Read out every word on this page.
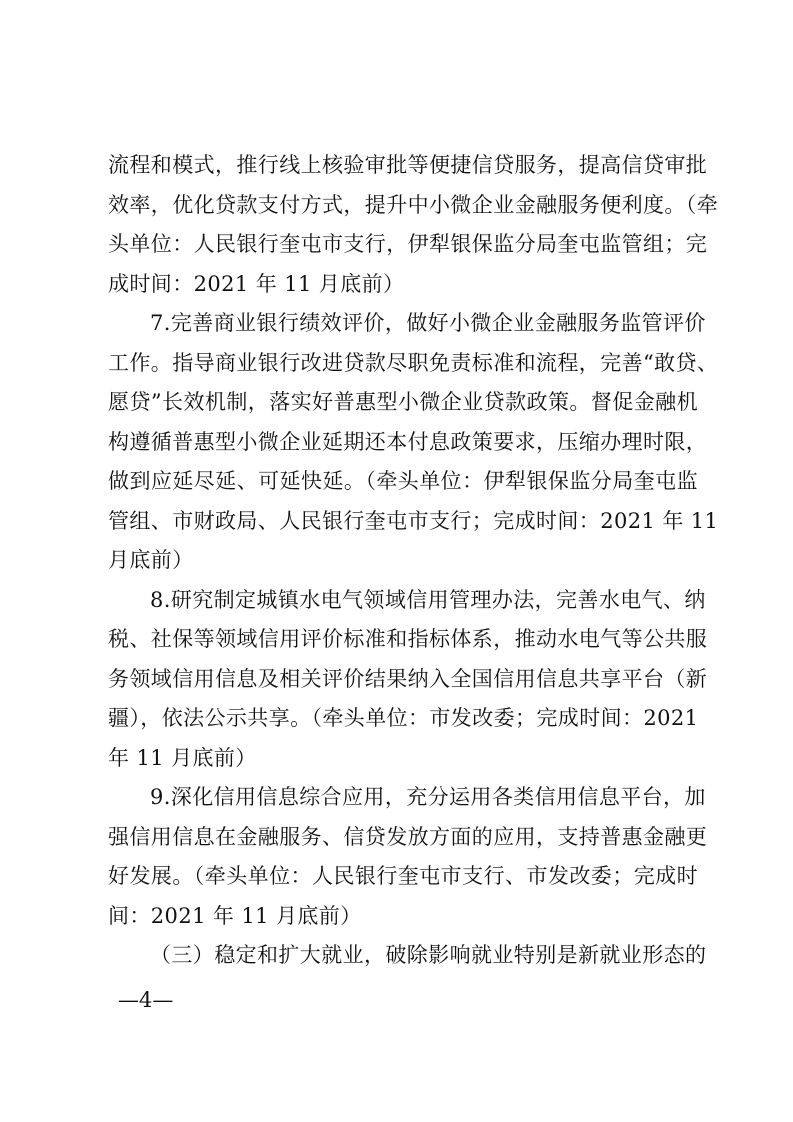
流程和模式，推行线上核验审批等便捷信贷服务，提高信贷审批
效率，优化贷款支付方式，提升中小微企业金融服务便利度。（牵
头单位：人民银行奎屯市支行，伊犁银保监分局奎屯监管组；完
成时间：2021 年 11 月底前）
7.完善商业银行绩效评价，做好小微企业金融服务监管评价
工作。指导商业银行改进贷款尽职免责标准和流程，完善“敢贷、
愿贷”长效机制，落实好普惠型小微企业贷款政策。督促金融机
构遵循普惠型小微企业延期还本付息政策要求，压缩办理时限，
做到应延尽延、可延快延。（牵头单位：伊犁银保监分局奎屯监
管组、市财政局、人民银行奎屯市支行；完成时间：2021 年 11
月底前）
8.研究制定城镇水电气领域信用管理办法，完善水电气、纳
税、社保等领域信用评价标准和指标体系，推动水电气等公共服
务领域信用信息及相关评价结果纳入全国信用信息共享平台（新
疆），依法公示共享。（牵头单位：市发改委；完成时间：2021
年 11 月底前）
9.深化信用信息综合应用，充分运用各类信用信息平台，加
强信用信息在金融服务、信贷发放方面的应用，支持普惠金融更
好发展。（牵头单位：人民银行奎屯市支行、市发改委；完成时
间：2021 年 11 月底前）
（三）稳定和扩大就业，破除影响就业特别是新就业形态的
—4—
